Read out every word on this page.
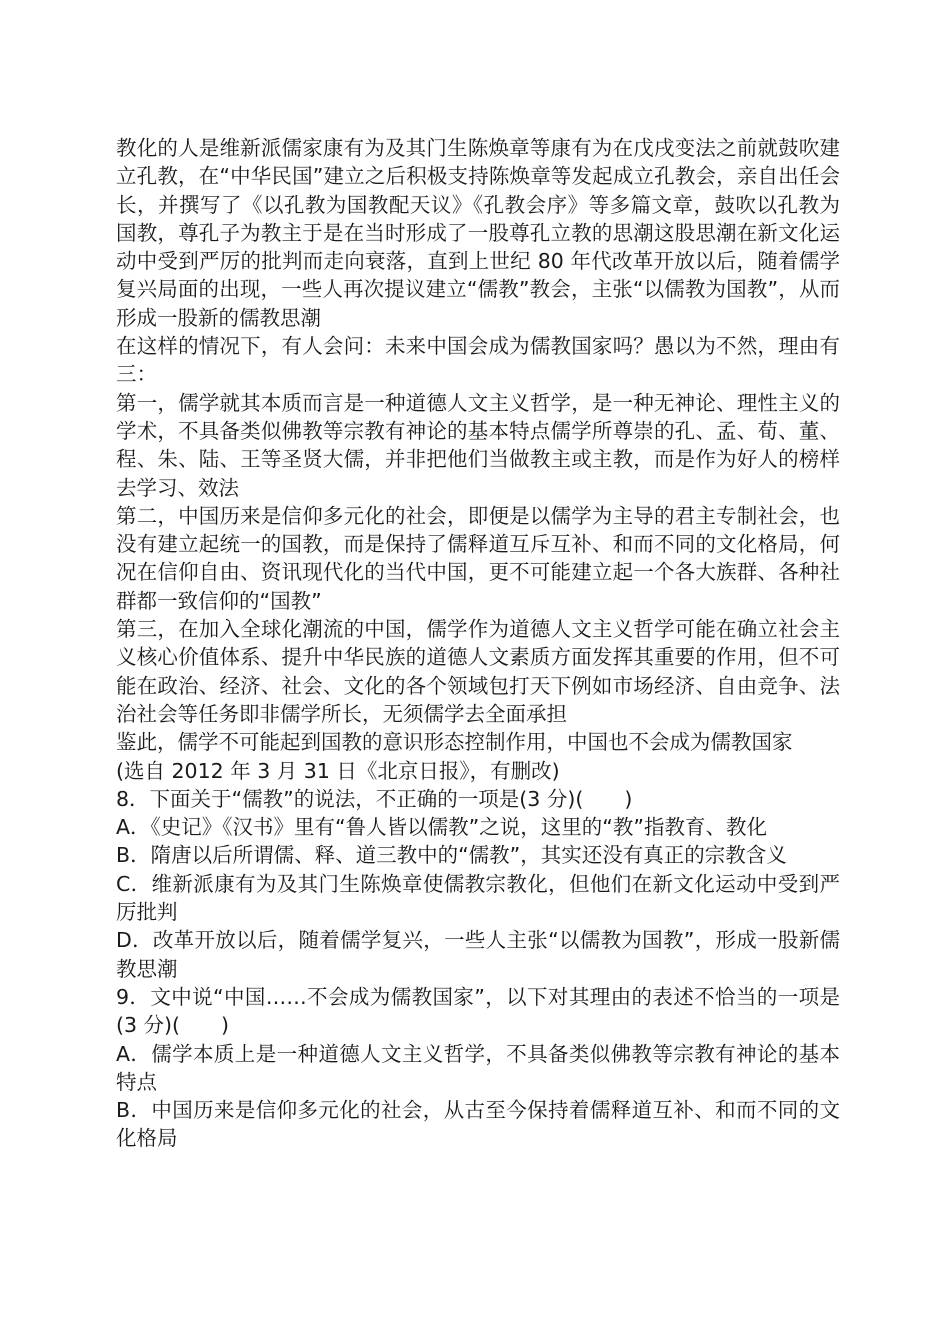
教化的人是维新派儒家康有为及其门生陈焕章等康有为在戊戌变法之前就鼓吹建立孔教，在“中华民国”建立之后积极支持陈焕章等发起成立孔教会，亲自出任会长，并撰写了《以孔教为国教配天议》《孔教会序》等多篇文章，鼓吹以孔教为国教，尊孔子为教主于是在当时形成了一股尊孔立教的思潮这股思潮在新文化运动中受到严厉的批判而走向衰落，直到上世纪 80 年代改革开放以后，随着儒学复兴局面的出现，一些人再次提议建立“儒教”教会，主张“以儒教为国教”，从而形成一股新的儒教思潮

在这样的情况下，有人会问：未来中国会成为儒教国家吗？愚以为不然，理由有三：

第一，儒学就其本质而言是一种道德人文主义哲学，是一种无神论、理性主义的学术，不具备类似佛教等宗教有神论的基本特点儒学所尊崇的孔、孟、荀、董、程、朱、陆、王等圣贤大儒，并非把他们当做教主或主教，而是作为好人的榜样去学习、效法

第二，中国历来是信仰多元化的社会，即便是以儒学为主导的君主专制社会，也没有建立起统一的国教，而是保持了儒释道互斥互补、和而不同的文化格局，何况在信仰自由、资讯现代化的当代中国，更不可能建立起一个各大族群、各种社群都一致信仰的“国教”

第三，在加入全球化潮流的中国，儒学作为道德人文主义哲学可能在确立社会主义核心价值体系、提升中华民族的道德人文素质方面发挥其重要的作用，但不可能在政治、经济、社会、文化的各个领域包打天下例如市场经济、自由竞争、法治社会等任务即非儒学所长，无须儒学去全面承担

鉴此，儒学不可能起到国教的意识形态控制作用，中国也不会成为儒教国家

(选自 2012 年 3 月 31 日《北京日报》，有删改)

8．下面关于“儒教”的说法，不正确的一项是(3 分)(　　)

A．《史记》《汉书》里有“鲁人皆以儒教”之说，这里的“教”指教育、教化

B．隋唐以后所谓儒、释、道三教中的“儒教”，其实还没有真正的宗教含义

C．维新派康有为及其门生陈焕章使儒教宗教化，但他们在新文化运动中受到严厉批判

D．改革开放以后，随着儒学复兴，一些人主张“以儒教为国教”，形成一股新儒教思潮

9．文中说“中国……不会成为儒教国家”，以下对其理由的表述不恰当的一项是(3 分)(　　)

A．儒学本质上是一种道德人文主义哲学，不具备类似佛教等宗教有神论的基本特点

B．中国历来是信仰多元化的社会，从古至今保持着儒释道互补、和而不同的文化格局
